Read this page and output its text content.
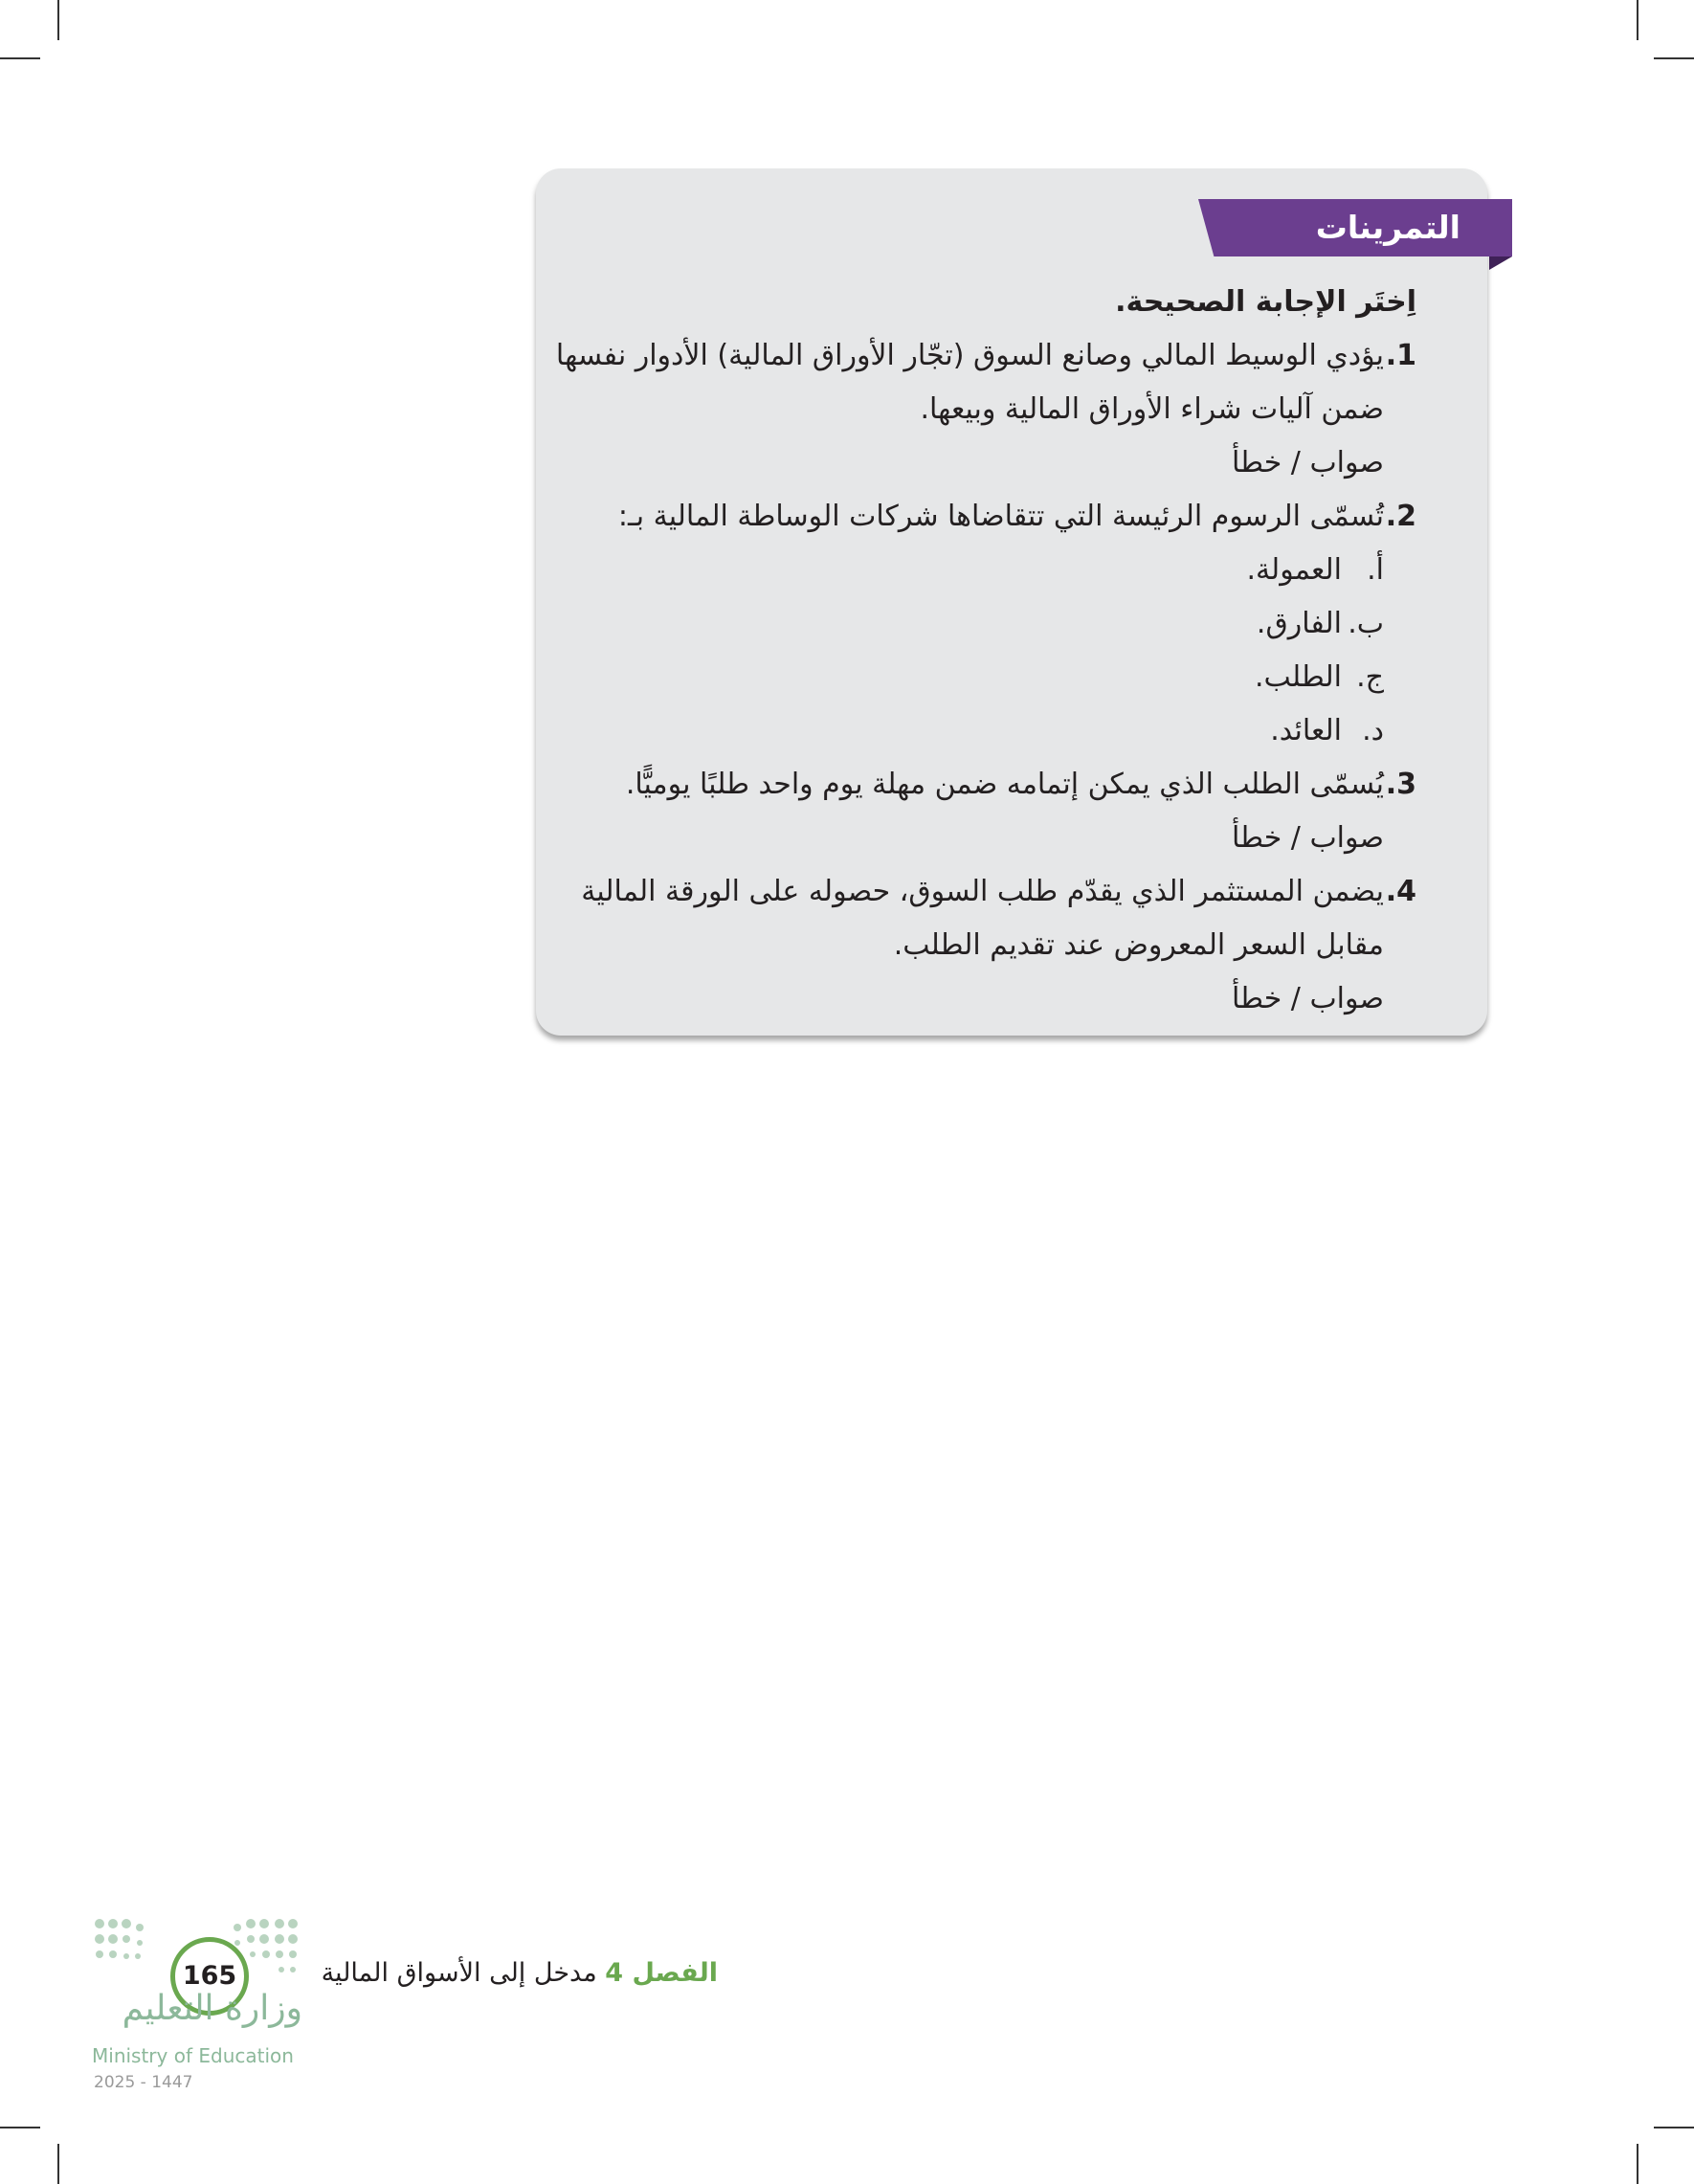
التمرينات
اِختَر الإجابة الصحيحة.
1.يؤدي الوسيط المالي وصانع السوق (تجّار الأوراق المالية) الأدوار نفسها
ضمن آليات شراء الأوراق المالية وبيعها.
صواب / خطأ
2.تُسمّى الرسوم الرئيسة التي تتقاضاها شركات الوساطة المالية بـ:
أ.العمولة.
ب.الفارق.
ج.الطلب.
د.العائد.
3.يُسمّى الطلب الذي يمكن إتمامه ضمن مهلة يوم واحد طلبًا يوميًّا.
صواب / خطأ
4.يضمن المستثمر الذي يقدّم طلب السوق، حصوله على الورقة المالية
مقابل السعر المعروض عند تقديم الطلب.
صواب / خطأ
الفصل 4 مدخل إلى الأسواق المالية
165
وزارة التعليم
Ministry of Education
2025 - 1447
